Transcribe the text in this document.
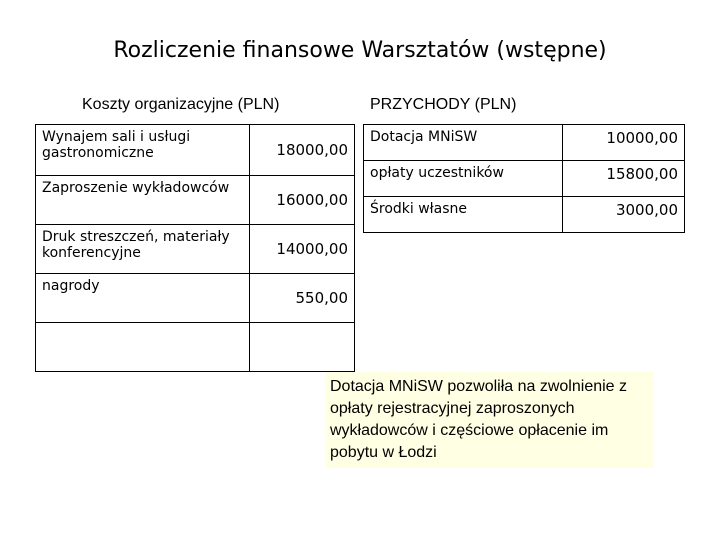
Rozliczenie finansowe Warsztatów (wstępne)
Koszty organizacyjne (PLN)	PRZYCHODY (PLN)
Wynajem sali i usługi gastronomiczne	18000,00
Zaproszenie wykładowców	16000,00
Druk streszczeń, materiały konferencyjne	14000,00
nagrody	550,00

Dotacja MNiSW	10000,00
opłaty uczestników	15800,00
Środki własne	3000,00
Dotacja MNiSW pozwoliła na zwolnienie z opłaty rejestracyjnej zaproszonych wykładowców i częściowe opłacenie im pobytu w Łodzi
